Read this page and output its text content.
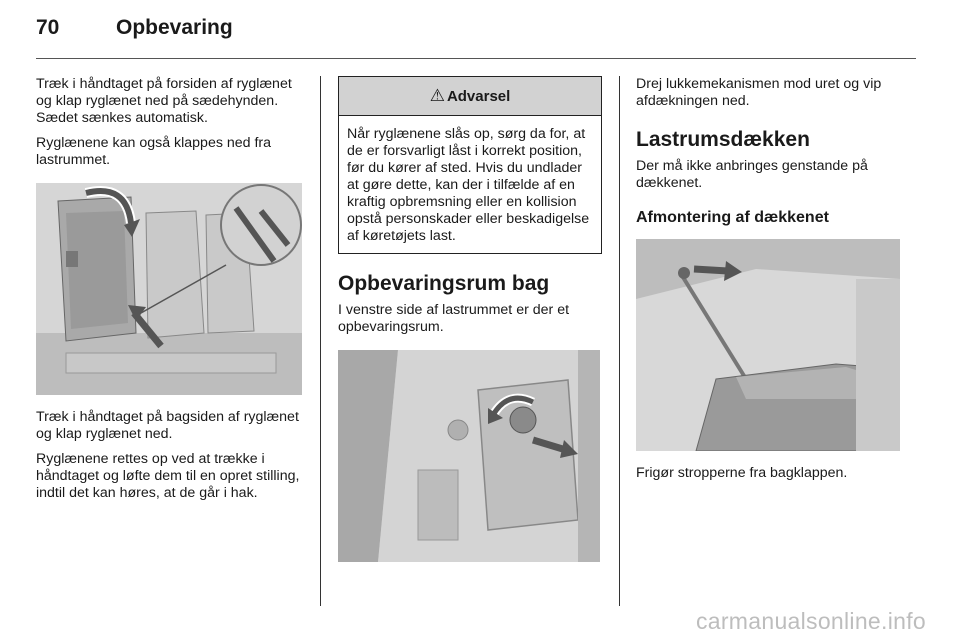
70	Opbevaring

Træk i håndtaget på forsiden af ryglænet og klap ryglænet ned på sædehynden. Sædet sænkes automatisk.

Ryglænene kan også klappes ned fra lastrummet.

Træk i håndtaget på bagsiden af ryglænet og klap ryglænet ned.

Ryglænene rettes op ved at trække i håndtaget og løfte dem til en opret stilling, indtil det kan høres, at de går i hak.

⚠ Advarsel
Når ryglænene slås op, sørg da for, at de er forsvarligt låst i korrekt position, før du kører af sted. Hvis du undlader at gøre dette, kan der i tilfælde af en kraftig opbremsning eller en kollision opstå personskader eller beskadigelse af køretøjets last.
Opbevaringsrum bag

I venstre side af lastrummet er der et opbevaringsrum.

Drej lukkemekanismen mod uret og vip afdækningen ned.

Lastrumsdækken

Der må ikke anbringes genstande på dækkenet.

Afmontering af dækkenet

Frigør stropperne fra bagklappen.

carmanualsonline.info
